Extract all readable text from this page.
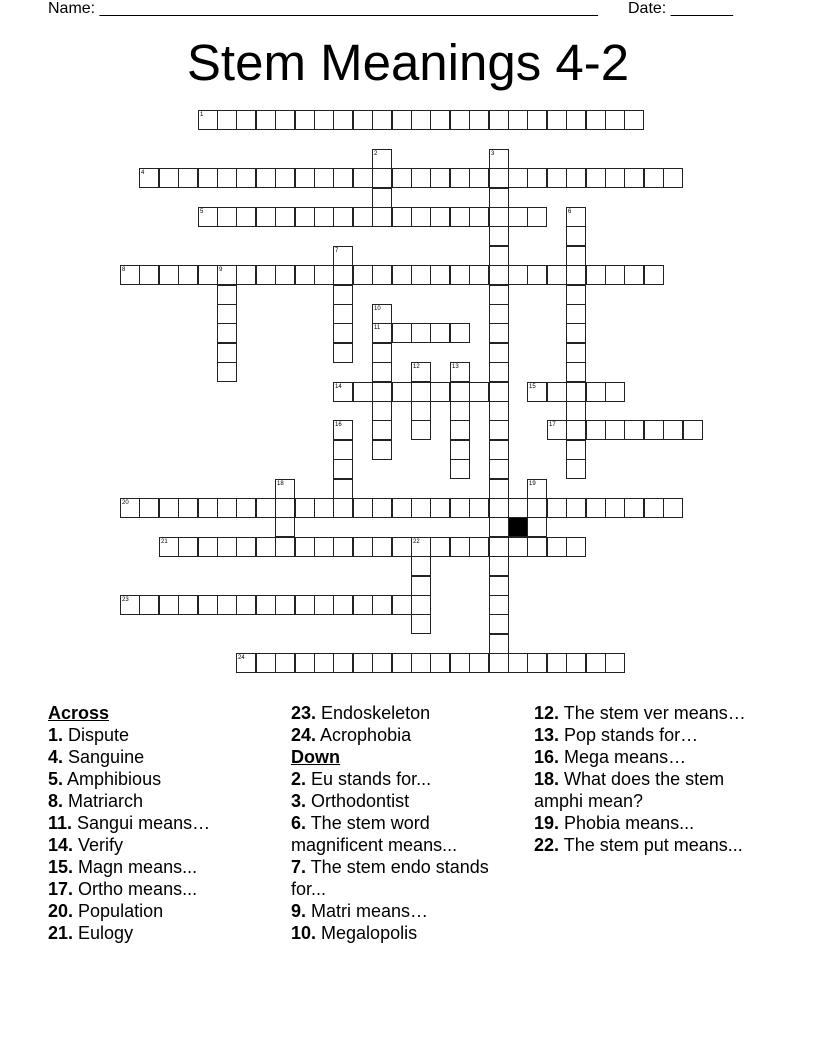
Name: ________________________________________________________ Date: _______
Stem Meanings 4-2
1
2	3
4
5	6
7
8	9
10
11
12	13
14	15
17
16
18	19
20
21	22
23
24

Across

1. Dispute

4. Sanguine

5. Amphibious

8. Matriarch

11. Sangui means…

14. Verify

15. Magn means...

17. Ortho means...

20. Population

21. Eulogy

23. Endoskeleton

24. Acrophobia

Down

2. Eu stands for...

3. Orthodontist

6. The stem word magnificent means...

7. The stem endo stands for...

9. Matri means…

10. Megalopolis

12. The stem ver means…

13. Pop stands for…

16. Mega means…

18. What does the stem amphi mean?

19. Phobia means...

22. The stem put means...
